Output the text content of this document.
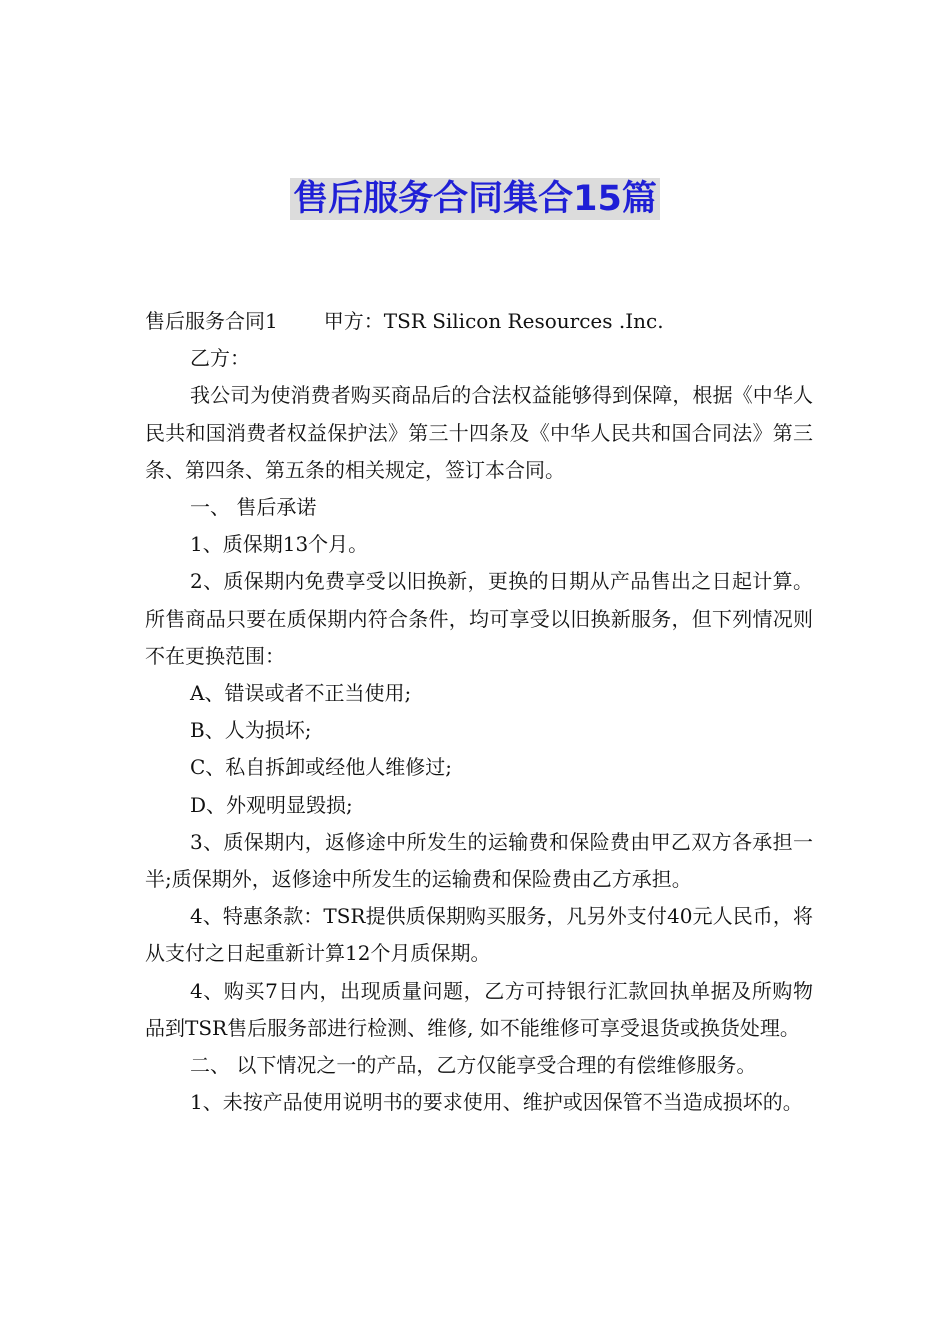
售后服务合同集合15篇

售后服务合同1 甲方：TSR Silicon Resources .Inc.

乙方：

我公司为使消费者购买商品后的合法权益能够得到保障，根据《中华人民共和国消费者权益保护法》第三十四条及《中华人民共和国合同法》第三条、第四条、第五条的相关规定，签订本合同。

一、 售后承诺

1、质保期13个月。

2、质保期内免费享受以旧换新，更换的日期从产品售出之日起计算。所售商品只要在质保期内符合条件，均可享受以旧换新服务，但下列情况则不在更换范围：

A、错误或者不正当使用;

B、人为损坏;

C、私自拆卸或经他人维修过;

D、外观明显毁损;

3、质保期内，返修途中所发生的运输费和保险费由甲乙双方各承担一半;质保期外，返修途中所发生的运输费和保险费由乙方承担。

4、特惠条款：TSR提供质保期购买服务，凡另外支付40元人民币，将从支付之日起重新计算12个月质保期。

4、购买7日内，出现质量问题，乙方可持银行汇款回执单据及所购物品到TSR售后服务部进行检测、维修, 如不能维修可享受退货或换货处理。

二、 以下情况之一的产品，乙方仅能享受合理的有偿维修服务。

1、未按产品使用说明书的要求使用、维护或因保管不当造成损坏的。
